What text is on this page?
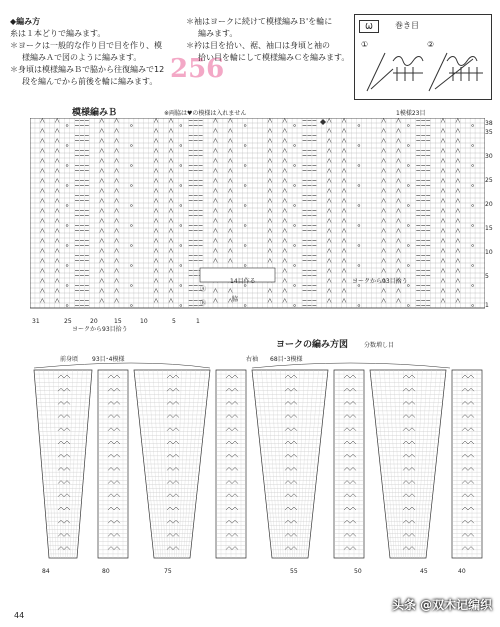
◆編み方
糸は１本どりで編みます。
＊ヨークは一般的な作り目で目を作り、模
様編みＡで図のように編みます。
＊身頃は模様編みＢで脇から往復編みで12
段を編んでから前後を輪に編みます。 256
＊袖はヨークに続けて模様編みＢ'を輪に
編みます。
＊衿は目を拾い、裾、袖口は身頃と袖の
拾い目を輪にして模様編みＣを編みます。
Ѡ	巻き目
①	②
模様編みＢ	※両脇は♥の模様は入れません	1模様23目
38
35
30
25
20
15
10
5
1
31	25	20	15	10	5	1
14目作る
脇
ヨークから93目拾う
ヨークから93目拾う
Ⓐ
Ⓑ
ヨークの編み方図	分数増し目
前身頃 93目･4模様	右袖 68目･3模様
84	80	75	55	50	45	40
44
头条 @双木记编织
